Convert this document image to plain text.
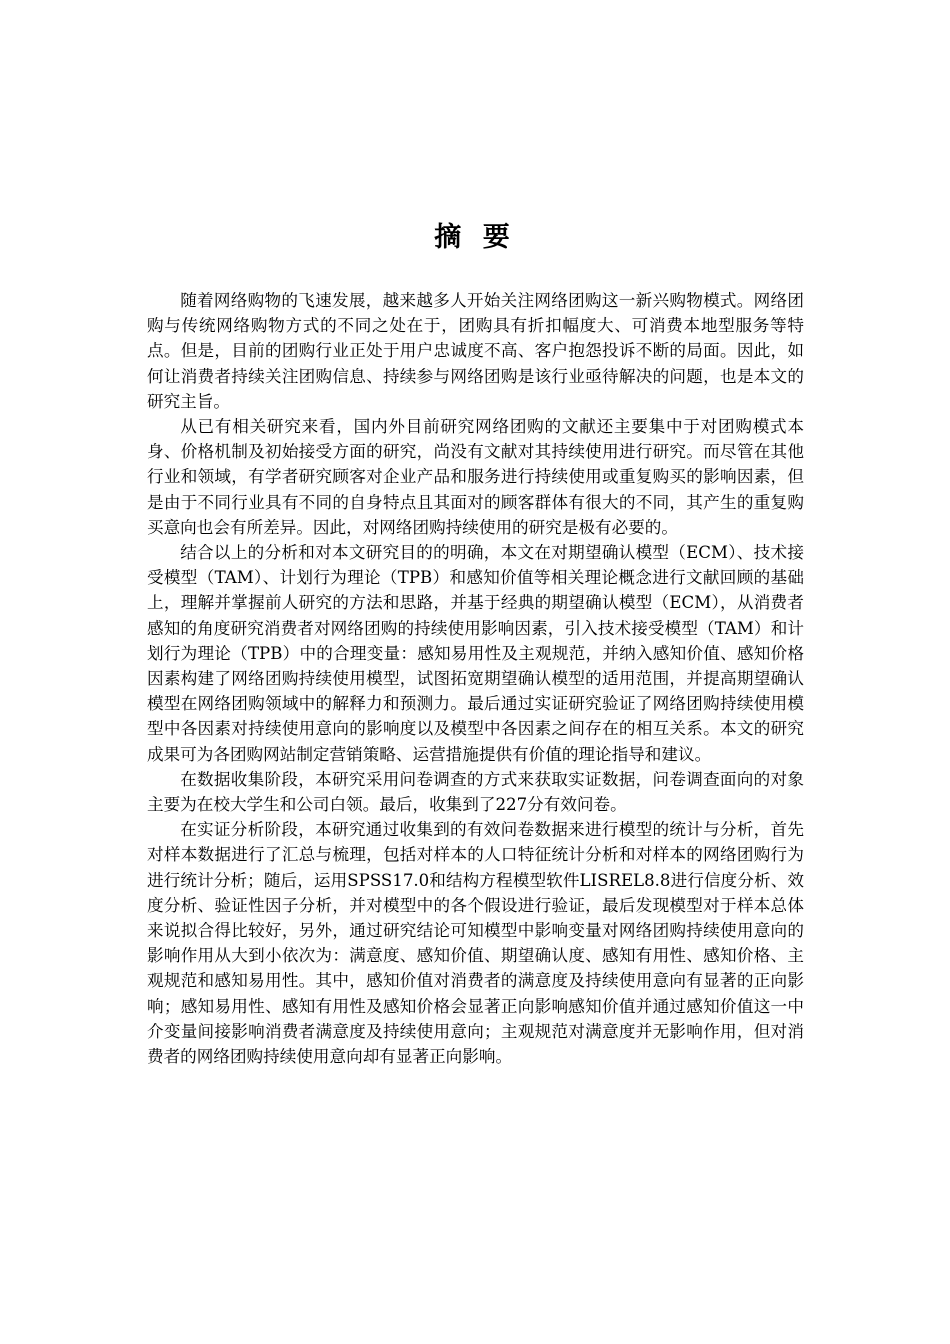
摘 要

随着网络购物的飞速发展，越来越多人开始关注网络团购这一新兴购物模式。网络团购与传统网络购物方式的不同之处在于，团购具有折扣幅度大、可消费本地型服务等特点。但是，目前的团购行业正处于用户忠诚度不高、客户抱怨投诉不断的局面。因此，如何让消费者持续关注团购信息、持续参与网络团购是该行业亟待解决的问题，也是本文的研究主旨。

从已有相关研究来看，国内外目前研究网络团购的文献还主要集中于对团购模式本身、价格机制及初始接受方面的研究，尚没有文献对其持续使用进行研究。而尽管在其他行业和领域，有学者研究顾客对企业产品和服务进行持续使用或重复购买的影响因素，但是由于不同行业具有不同的自身特点且其面对的顾客群体有很大的不同，其产生的重复购买意向也会有所差异。因此，对网络团购持续使用的研究是极有必要的。

结合以上的分析和对本文研究目的的明确，本文在对期望确认模型（ECM）、技术接受模型（TAM）、计划行为理论（TPB）和感知价值等相关理论概念进行文献回顾的基础上，理解并掌握前人研究的方法和思路，并基于经典的期望确认模型（ECM），从消费者感知的角度研究消费者对网络团购的持续使用影响因素，引入技术接受模型（TAM）和计划行为理论（TPB）中的合理变量：感知易用性及主观规范，并纳入感知价值、感知价格因素构建了网络团购持续使用模型，试图拓宽期望确认模型的适用范围，并提高期望确认模型在网络团购领域中的解释力和预测力。最后通过实证研究验证了网络团购持续使用模型中各因素对持续使用意向的影响度以及模型中各因素之间存在的相互关系。本文的研究成果可为各团购网站制定营销策略、运营措施提供有价值的理论指导和建议。

在数据收集阶段，本研究采用问卷调查的方式来获取实证数据，问卷调查面向的对象主要为在校大学生和公司白领。最后，收集到了227分有效问卷。

在实证分析阶段，本研究通过收集到的有效问卷数据来进行模型的统计与分析，首先对样本数据进行了汇总与梳理，包括对样本的人口特征统计分析和对样本的网络团购行为进行统计分析；随后，运用SPSS17.0和结构方程模型软件LISREL8.8进行信度分析、效度分析、验证性因子分析，并对模型中的各个假设进行验证，最后发现模型对于样本总体来说拟合得比较好，另外，通过研究结论可知模型中影响变量对网络团购持续使用意向的影响作用从大到小依次为：满意度、感知价值、期望确认度、感知有用性、感知价格、主观规范和感知易用性。其中，感知价值对消费者的满意度及持续使用意向有显著的正向影响；感知易用性、感知有用性及感知价格会显著正向影响感知价值并通过感知价值这一中介变量间接影响消费者满意度及持续使用意向；主观规范对满意度并无影响作用，但对消费者的网络团购持续使用意向却有显著正向影响。
